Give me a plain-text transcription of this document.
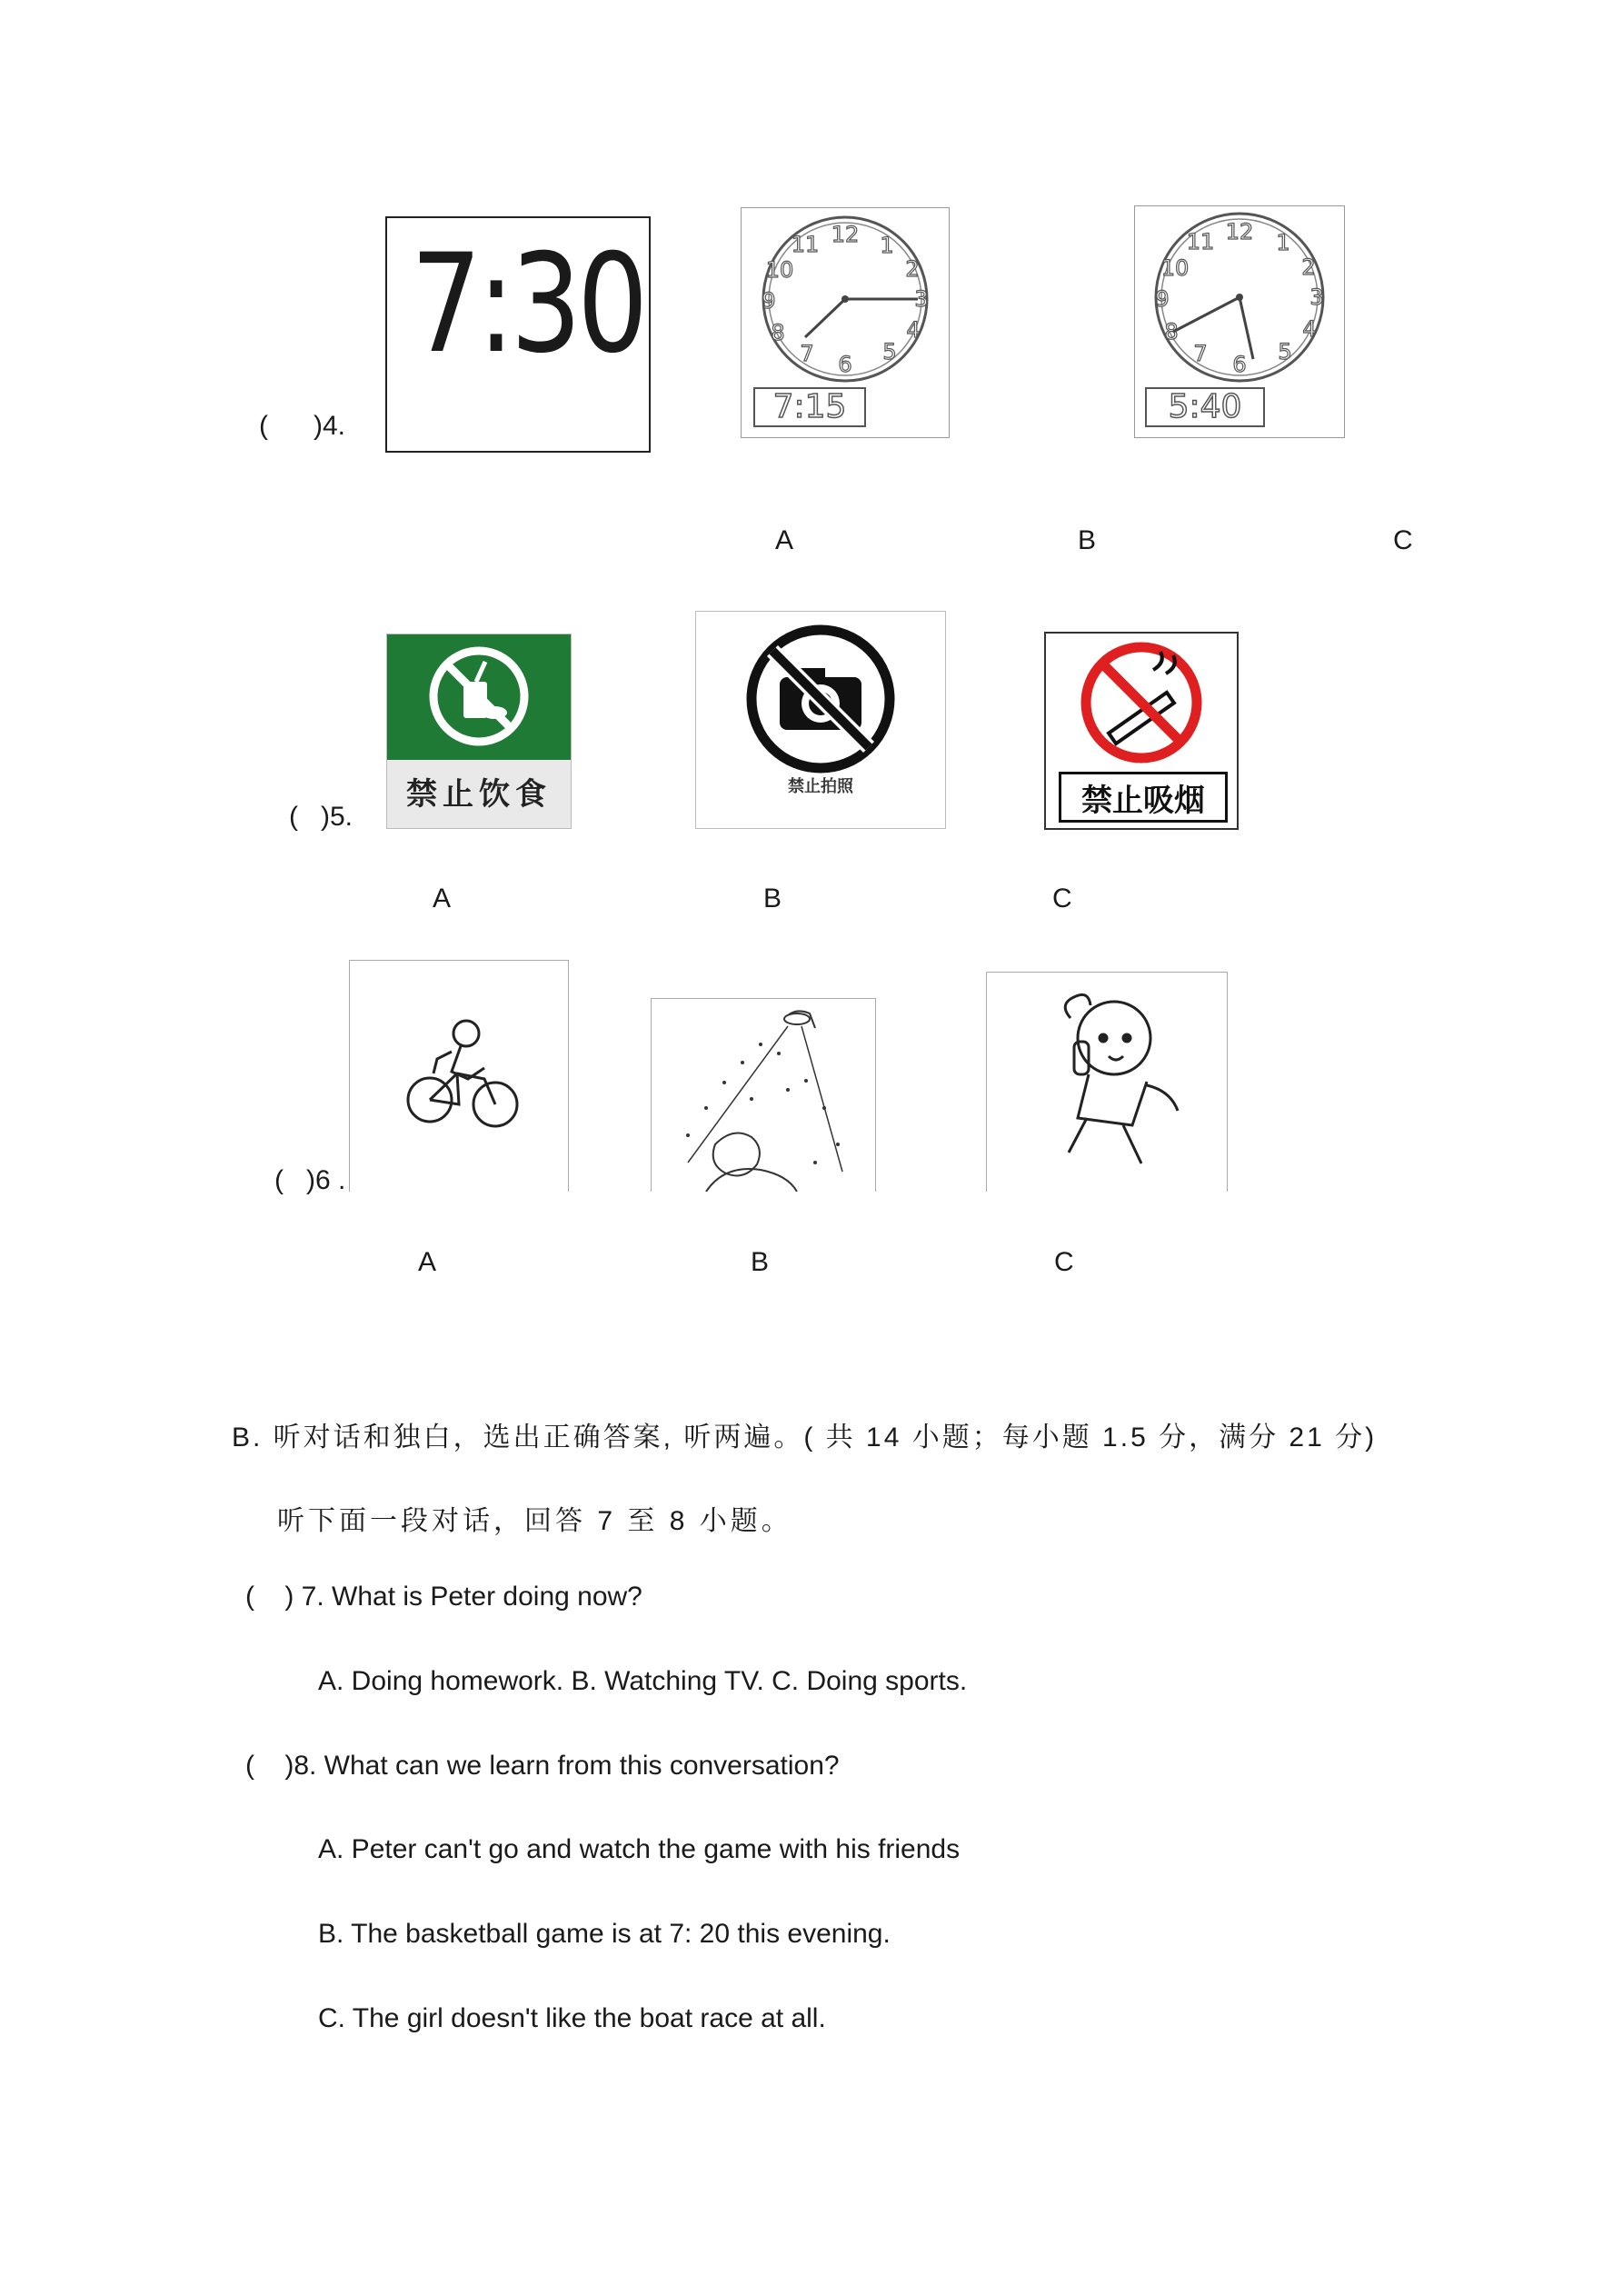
(      )4.
7:30	12 1
2
3
4
5
6
7
8
9
10
11
7:15
12 1
2
3
4
5
6
7
8
9
10
11
5:40
A	B	C
(   )5.
禁止饮食	禁止拍照	禁止吸烟
A	B	C
(   )6 .
A	B	C
B. 听对话和独白，选出正确答案, 听两遍。( 共 14 小题；每小题 1.5 分，满分 21 分)
听下面一段对话，回答 7 至 8 小题。
(    ) 7. What is Peter doing now?
A. Doing homework. B. Watching TV. C. Doing sports.
(    )8. What can we learn from this conversation?
A. Peter can't go and watch the game with his friends
B. The basketball game is at 7: 20 this evening.
C. The girl doesn't like the boat race at all.
